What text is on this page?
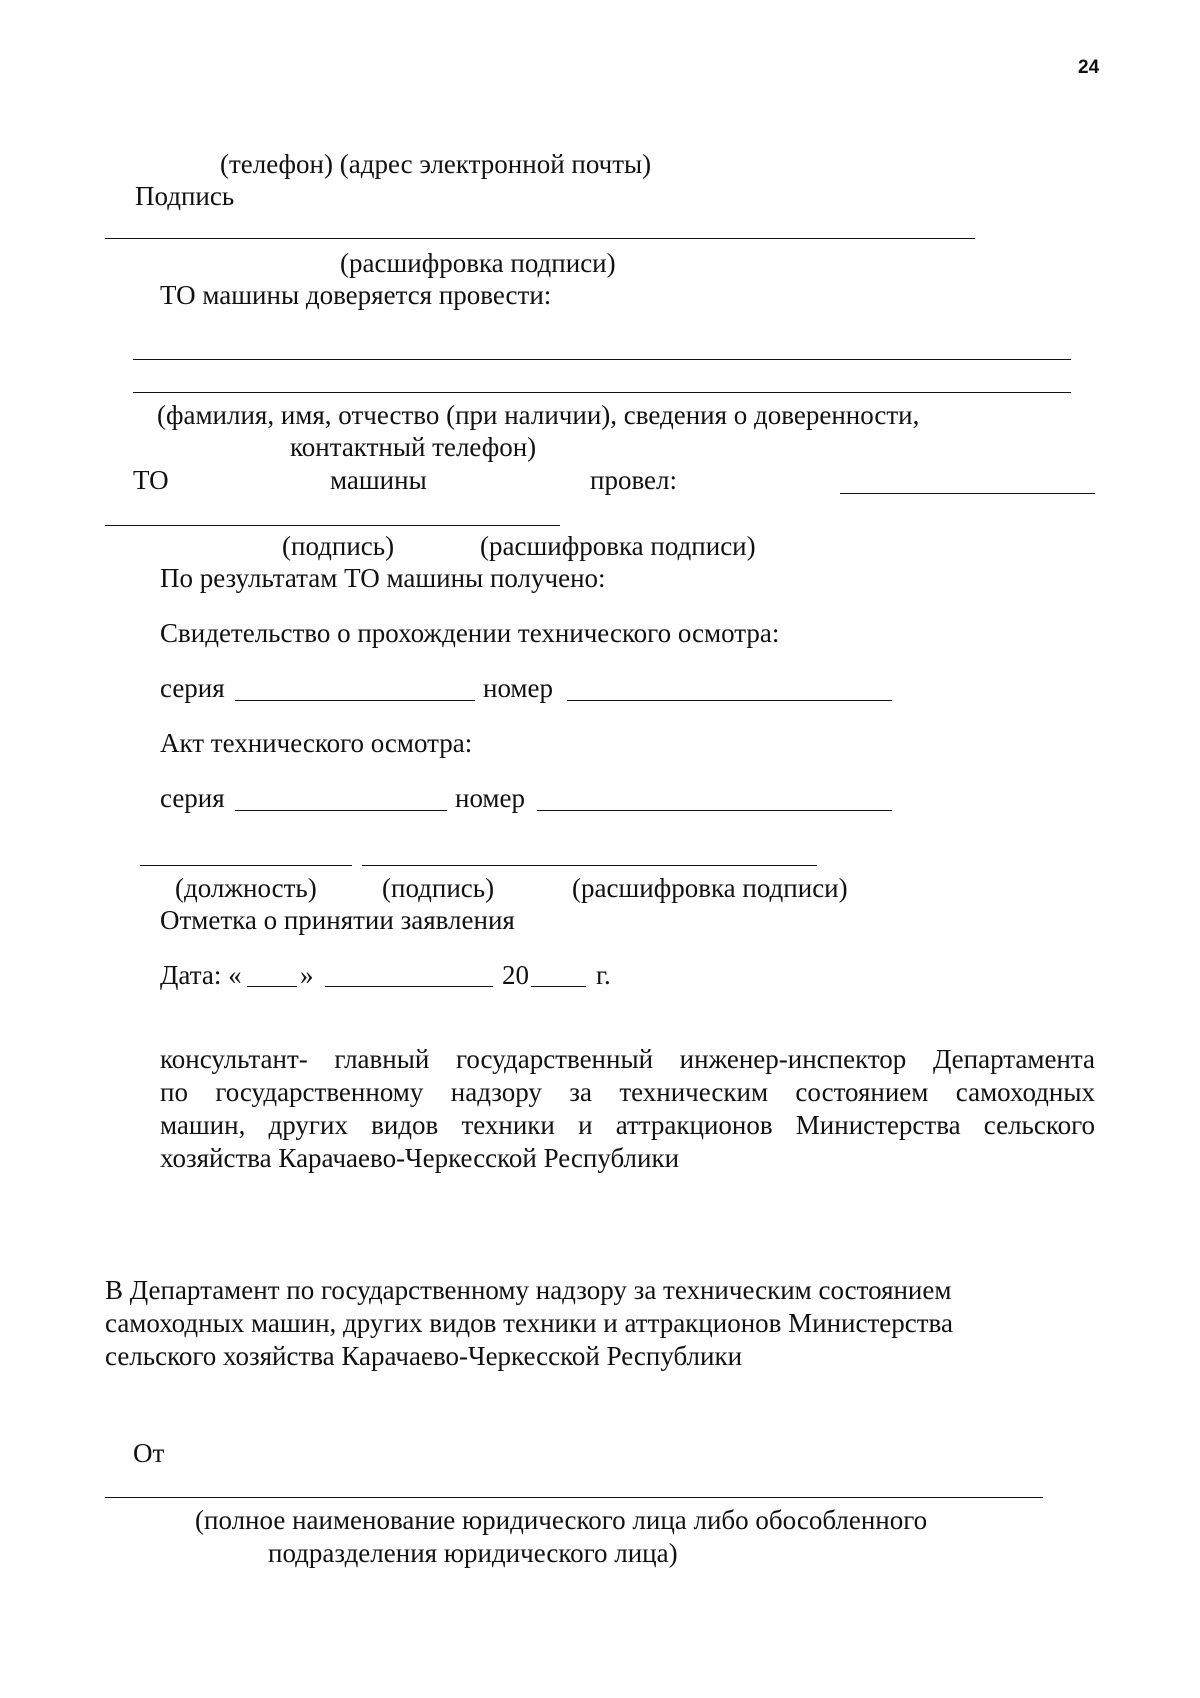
24
(телефон) (адрес электронной почты)
Подпись
(расшифровка подписи)
ТО машины доверяется провести:
(фамилия, имя, отчество (при наличии), сведения о доверенности,
контактный телефон)
ТО	машины	провел:
(подпись)	(расшифровка подписи)
По результатам ТО машины получено:
Свидетельство о прохождении технического осмотра:
серия	номер
Акт технического осмотра:
серия	номер
(должность) (подпись)	(расшифровка подписи)
Отметка о принятии заявления
Дата: « »	20 г.
консультант- главный государственный инженер-инспектор Департамента
по государственному надзору за техническим состоянием самоходных
машин, других видов техники и аттракционов Министерства сельского
хозяйства Карачаево-Черкесской Республики
В Департамент по государственному надзору за техническим состоянием
самоходных машин, других видов техники и аттракционов Министерства
сельского хозяйства Карачаево-Черкесской Республики
От
(полное наименование юридического лица либо обособленного
подразделения юридического лица)
